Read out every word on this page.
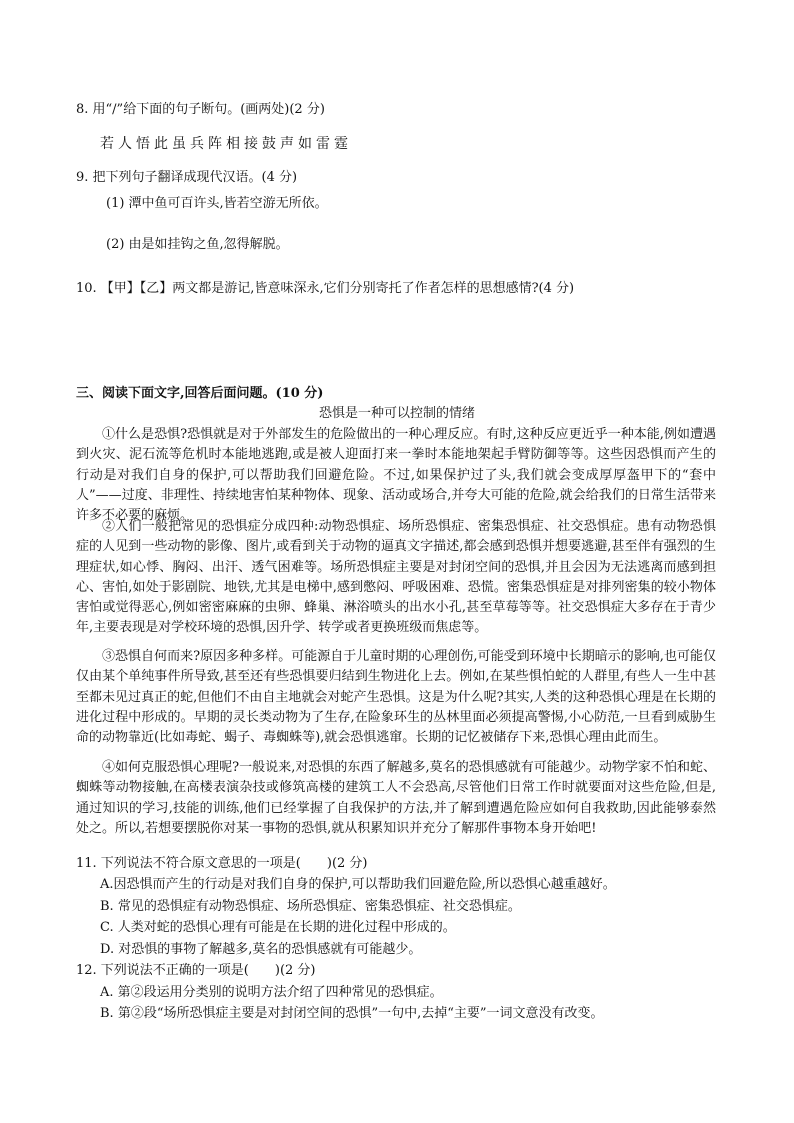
8. 用“/”给下面的句子断句。(画两处)(2 分)
若人悟此虽兵阵相接鼓声如雷霆
9. 把下列句子翻译成现代汉语。(4 分)
(1) 潭中鱼可百许头,皆若空游无所依。
(2) 由是如挂钩之鱼,忽得解脱。
10. 【甲】【乙】两文都是游记,皆意味深永,它们分别寄托了作者怎样的思想感情?(4 分)
三、阅读下面文字,回答后面问题。(10 分)
恐惧是一种可以控制的情绪
①什么是恐惧?恐惧就是对于外部发生的危险做出的一种心理反应。有时,这种反应更近乎一种本能,例如遭遇到火灾、泥石流等危机时本能地逃跑,或是被人迎面打来一拳时本能地架起手臂防御等等。这些因恐惧而产生的行动是对我们自身的保护,可以帮助我们回避危险。不过,如果保护过了头,我们就会变成厚厚盔甲下的“套中人”——过度、非理性、持续地害怕某种物体、现象、活动或场合,并夸大可能的危险,就会给我们的日常生活带来许多不必要的麻烦。
②人们一般把常见的恐惧症分成四种:动物恐惧症、场所恐惧症、密集恐惧症、社交恐惧症。患有动物恐惧症的人见到一些动物的影像、图片,或看到关于动物的逼真文字描述,都会感到恐惧并想要逃避,甚至伴有强烈的生理症状,如心悸、胸闷、出汗、透气困难等。场所恐惧症主要是对封闭空间的恐惧,并且会因为无法逃离而感到担心、害怕,如处于影剧院、地铁,尤其是电梯中,感到憋闷、呼吸困难、恐慌。密集恐惧症是对排列密集的较小物体害怕或觉得恶心,例如密密麻麻的虫卵、蜂巢、淋浴喷头的出水小孔,甚至草莓等等。社交恐惧症大多存在于青少年,主要表现是对学校环境的恐惧,因升学、转学或者更换班级而焦虑等。
③恐惧自何而来?原因多种多样。可能源自于儿童时期的心理创伤,可能受到环境中长期暗示的影响,也可能仅仅由某个单纯事件所导致,甚至还有些恐惧要归结到生物进化上去。例如,在某些惧怕蛇的人群里,有些人一生中甚至都未见过真正的蛇,但他们不由自主地就会对蛇产生恐惧。这是为什么呢?其实,人类的这种恐惧心理是在长期的进化过程中形成的。早期的灵长类动物为了生存,在险象环生的丛林里面必须提高警惕,小心防范,一旦看到威胁生命的动物靠近(比如毒蛇、蝎子、毒蜘蛛等),就会恐惧逃窜。长期的记忆被储存下来,恐惧心理由此而生。
④如何克服恐惧心理呢?一般说来,对恐惧的东西了解越多,莫名的恐惧感就有可能越少。动物学家不怕和蛇、蜘蛛等动物接触,在高楼表演杂技或修筑高楼的建筑工人不会恐高,尽管他们日常工作时就要面对这些危险,但是,通过知识的学习,技能的训练,他们已经掌握了自我保护的方法,并了解到遭遇危险应如何自我救助,因此能够泰然处之。所以,若想要摆脱你对某一事物的恐惧,就从积累知识并充分了解那件事物本身开始吧!
11. 下列说法不符合原文意思的一项是(　　)(2 分)
A.因恐惧而产生的行动是对我们自身的保护,可以帮助我们回避危险,所以恐惧心越重越好。
B. 常见的恐惧症有动物恐惧症、场所恐惧症、密集恐惧症、社交恐惧症。
C. 人类对蛇的恐惧心理有可能是在长期的进化过程中形成的。
D. 对恐惧的事物了解越多,莫名的恐惧感就有可能越少。
12. 下列说法不正确的一项是(　　)(2 分)
A. 第②段运用分类别的说明方法介绍了四种常见的恐惧症。
B. 第②段“场所恐惧症主要是对封闭空间的恐惧”一句中,去掉“主要”一词文意没有改变。
